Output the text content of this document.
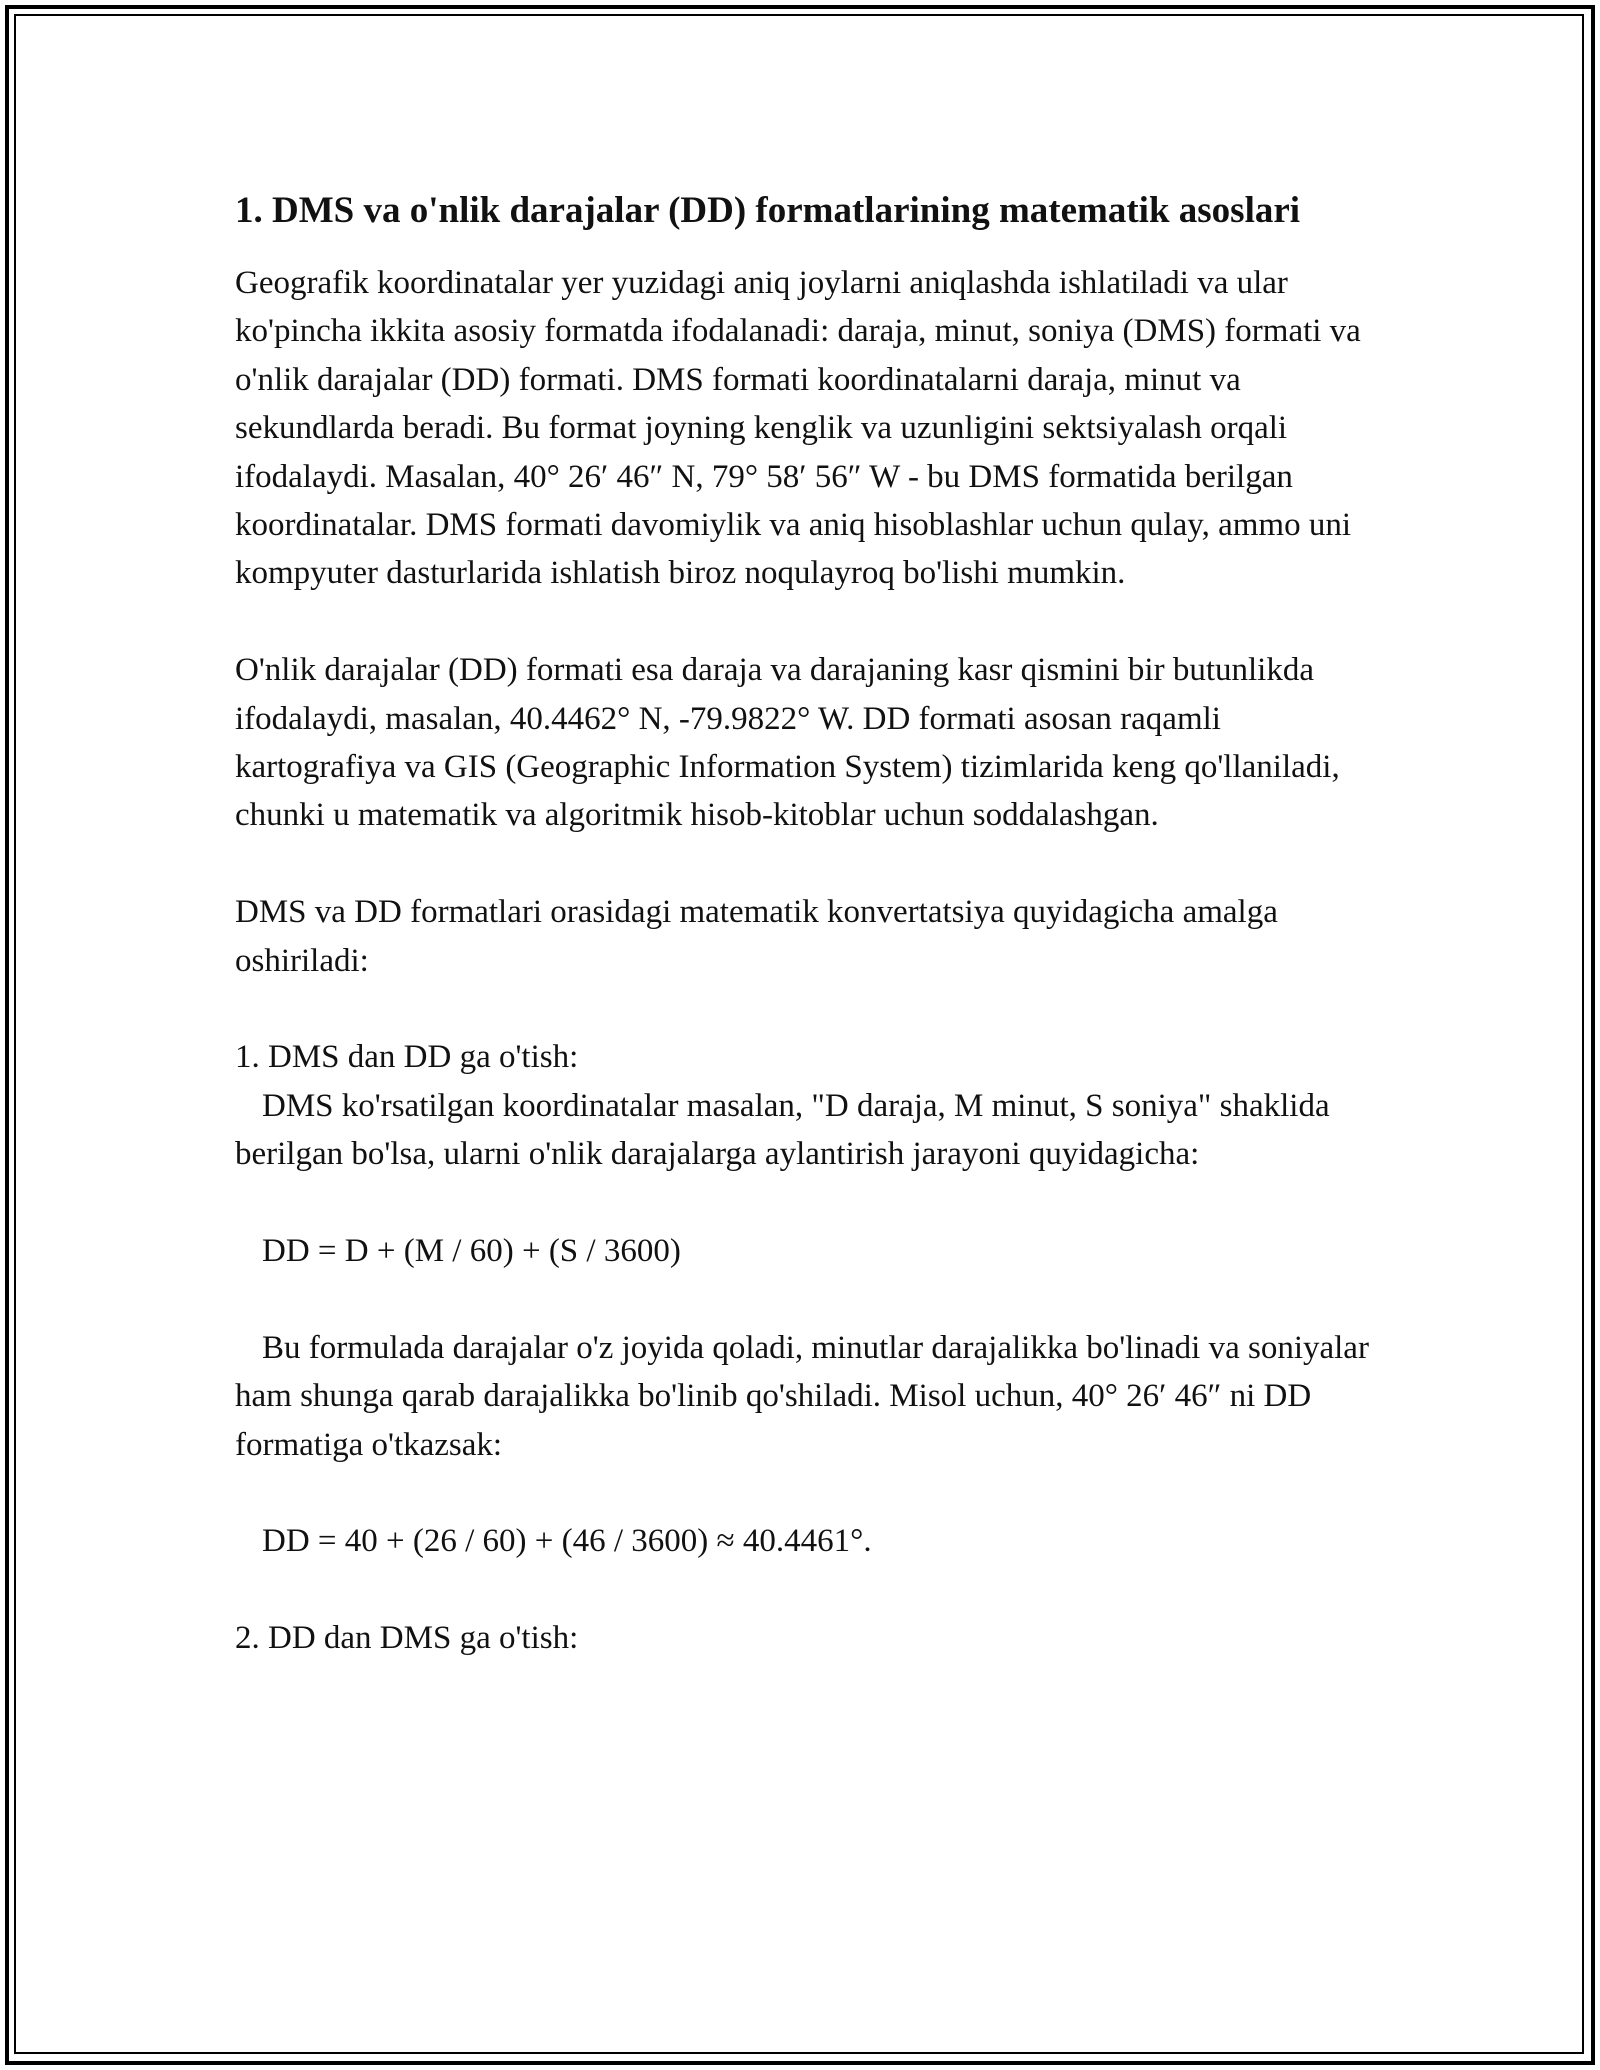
1. DMS va o'nlik darajalar (DD) formatlarining matematik asoslari

Geografik koordinatalar yer yuzidagi aniq joylarni aniqlashda ishlatiladi va ular ko'pincha ikkita asosiy formatda ifodalanadi: daraja, minut, soniya (DMS) formati va o'nlik darajalar (DD) formati. DMS formati koordinatalarni daraja, minut va sekundlarda beradi. Bu format joyning kenglik va uzunligini sektsiyalash orqali ifodalaydi. Masalan, 40° 26′ 46″ N, 79° 58′ 56″ W - bu DMS formatida berilgan koordinatalar. DMS formati davomiylik va aniq hisoblashlar uchun qulay, ammo uni kompyuter dasturlarida ishlatish biroz noqulayroq bo'lishi mumkin.

O'nlik darajalar (DD) formati esa daraja va darajaning kasr qismini bir butunlikda ifodalaydi, masalan, 40.4462° N, -79.9822° W. DD formati asosan raqamli kartografiya va GIS (Geographic Information System) tizimlarida keng qo'llaniladi, chunki u matematik va algoritmik hisob-kitoblar uchun soddalashgan.

DMS va DD formatlari orasidagi matematik konvertatsiya quyidagicha amalga oshiriladi:

1. DMS dan DD ga o'tish:
DMS ko'rsatilgan koordinatalar masalan, "D daraja, M minut, S soniya" shaklida berilgan bo'lsa, ularni o'nlik darajalarga aylantirish jarayoni quyidagicha:
DD = D + (M / 60) + (S / 3600)
Bu formulada darajalar o'z joyida qoladi, minutlar darajalikka bo'linadi va soniyalar ham shunga qarab darajalikka bo'linib qo'shiladi. Misol uchun, 40° 26′ 46″ ni DD formatiga o'tkazsak:
DD = 40 + (26 / 60) + (46 / 3600) ≈ 40.4461°.
2. DD dan DMS ga o'tish:
